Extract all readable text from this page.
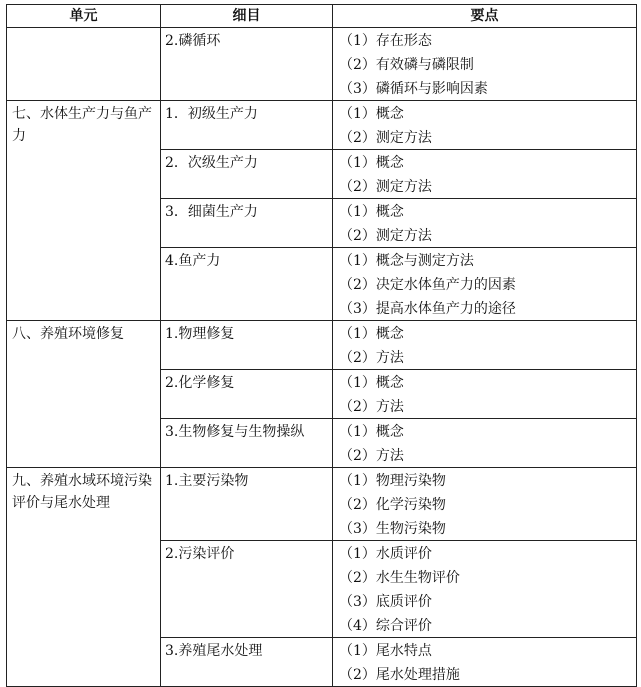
单元	细目	要点
	2.磷循环	（1）存在形态
（2）有效磷与磷限制
（3）磷循环与影响因素

七、水体生产力与鱼产力	1．初级生产力	（1）概念
（2）测定方法

	2．次级生产力	（1）概念
（2）测定方法

	3．细菌生产力	（1）概念
（2）测定方法

	4.鱼产力	（1）概念与测定方法
（2）决定水体鱼产力的因素
（3）提高水体鱼产力的途径

八、养殖环境修复	1.物理修复	（1）概念
（2）方法

	2.化学修复	（1）概念
（2）方法

	3.生物修复与生物操纵	（1）概念
（2）方法

九、养殖水域环境污染评价与尾水处理	1.主要污染物	（1）物理污染物
（2）化学污染物
（3）生物污染物

	2.污染评价	（1）水质评价
（2）水生生物评价
（3）底质评价
（4）综合评价

	3.养殖尾水处理	（1）尾水特点
（2）尾水处理措施
